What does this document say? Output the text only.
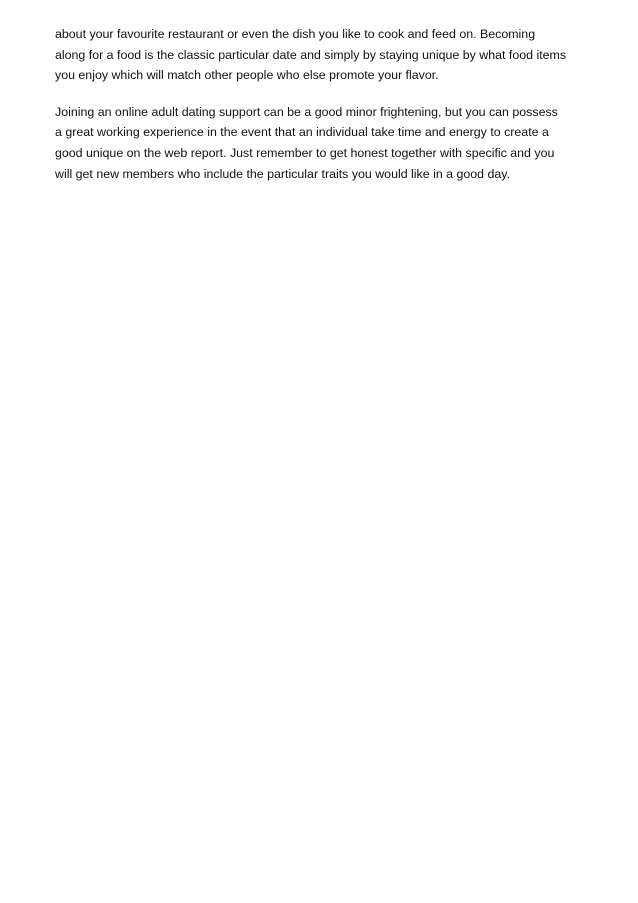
about your favourite restaurant or even the dish you like to cook and feed on. Becoming

along for a food is the classic particular date and simply by staying unique by what food items

you enjoy which will match other people who else promote your flavor.

Joining an online adult dating support can be a good minor frightening, but you can possess

a great working experience in the event that an individual take time and energy to create a

good unique on the web report. Just remember to get honest together with specific and you

will get new members who include the particular traits you would like in a good day.
